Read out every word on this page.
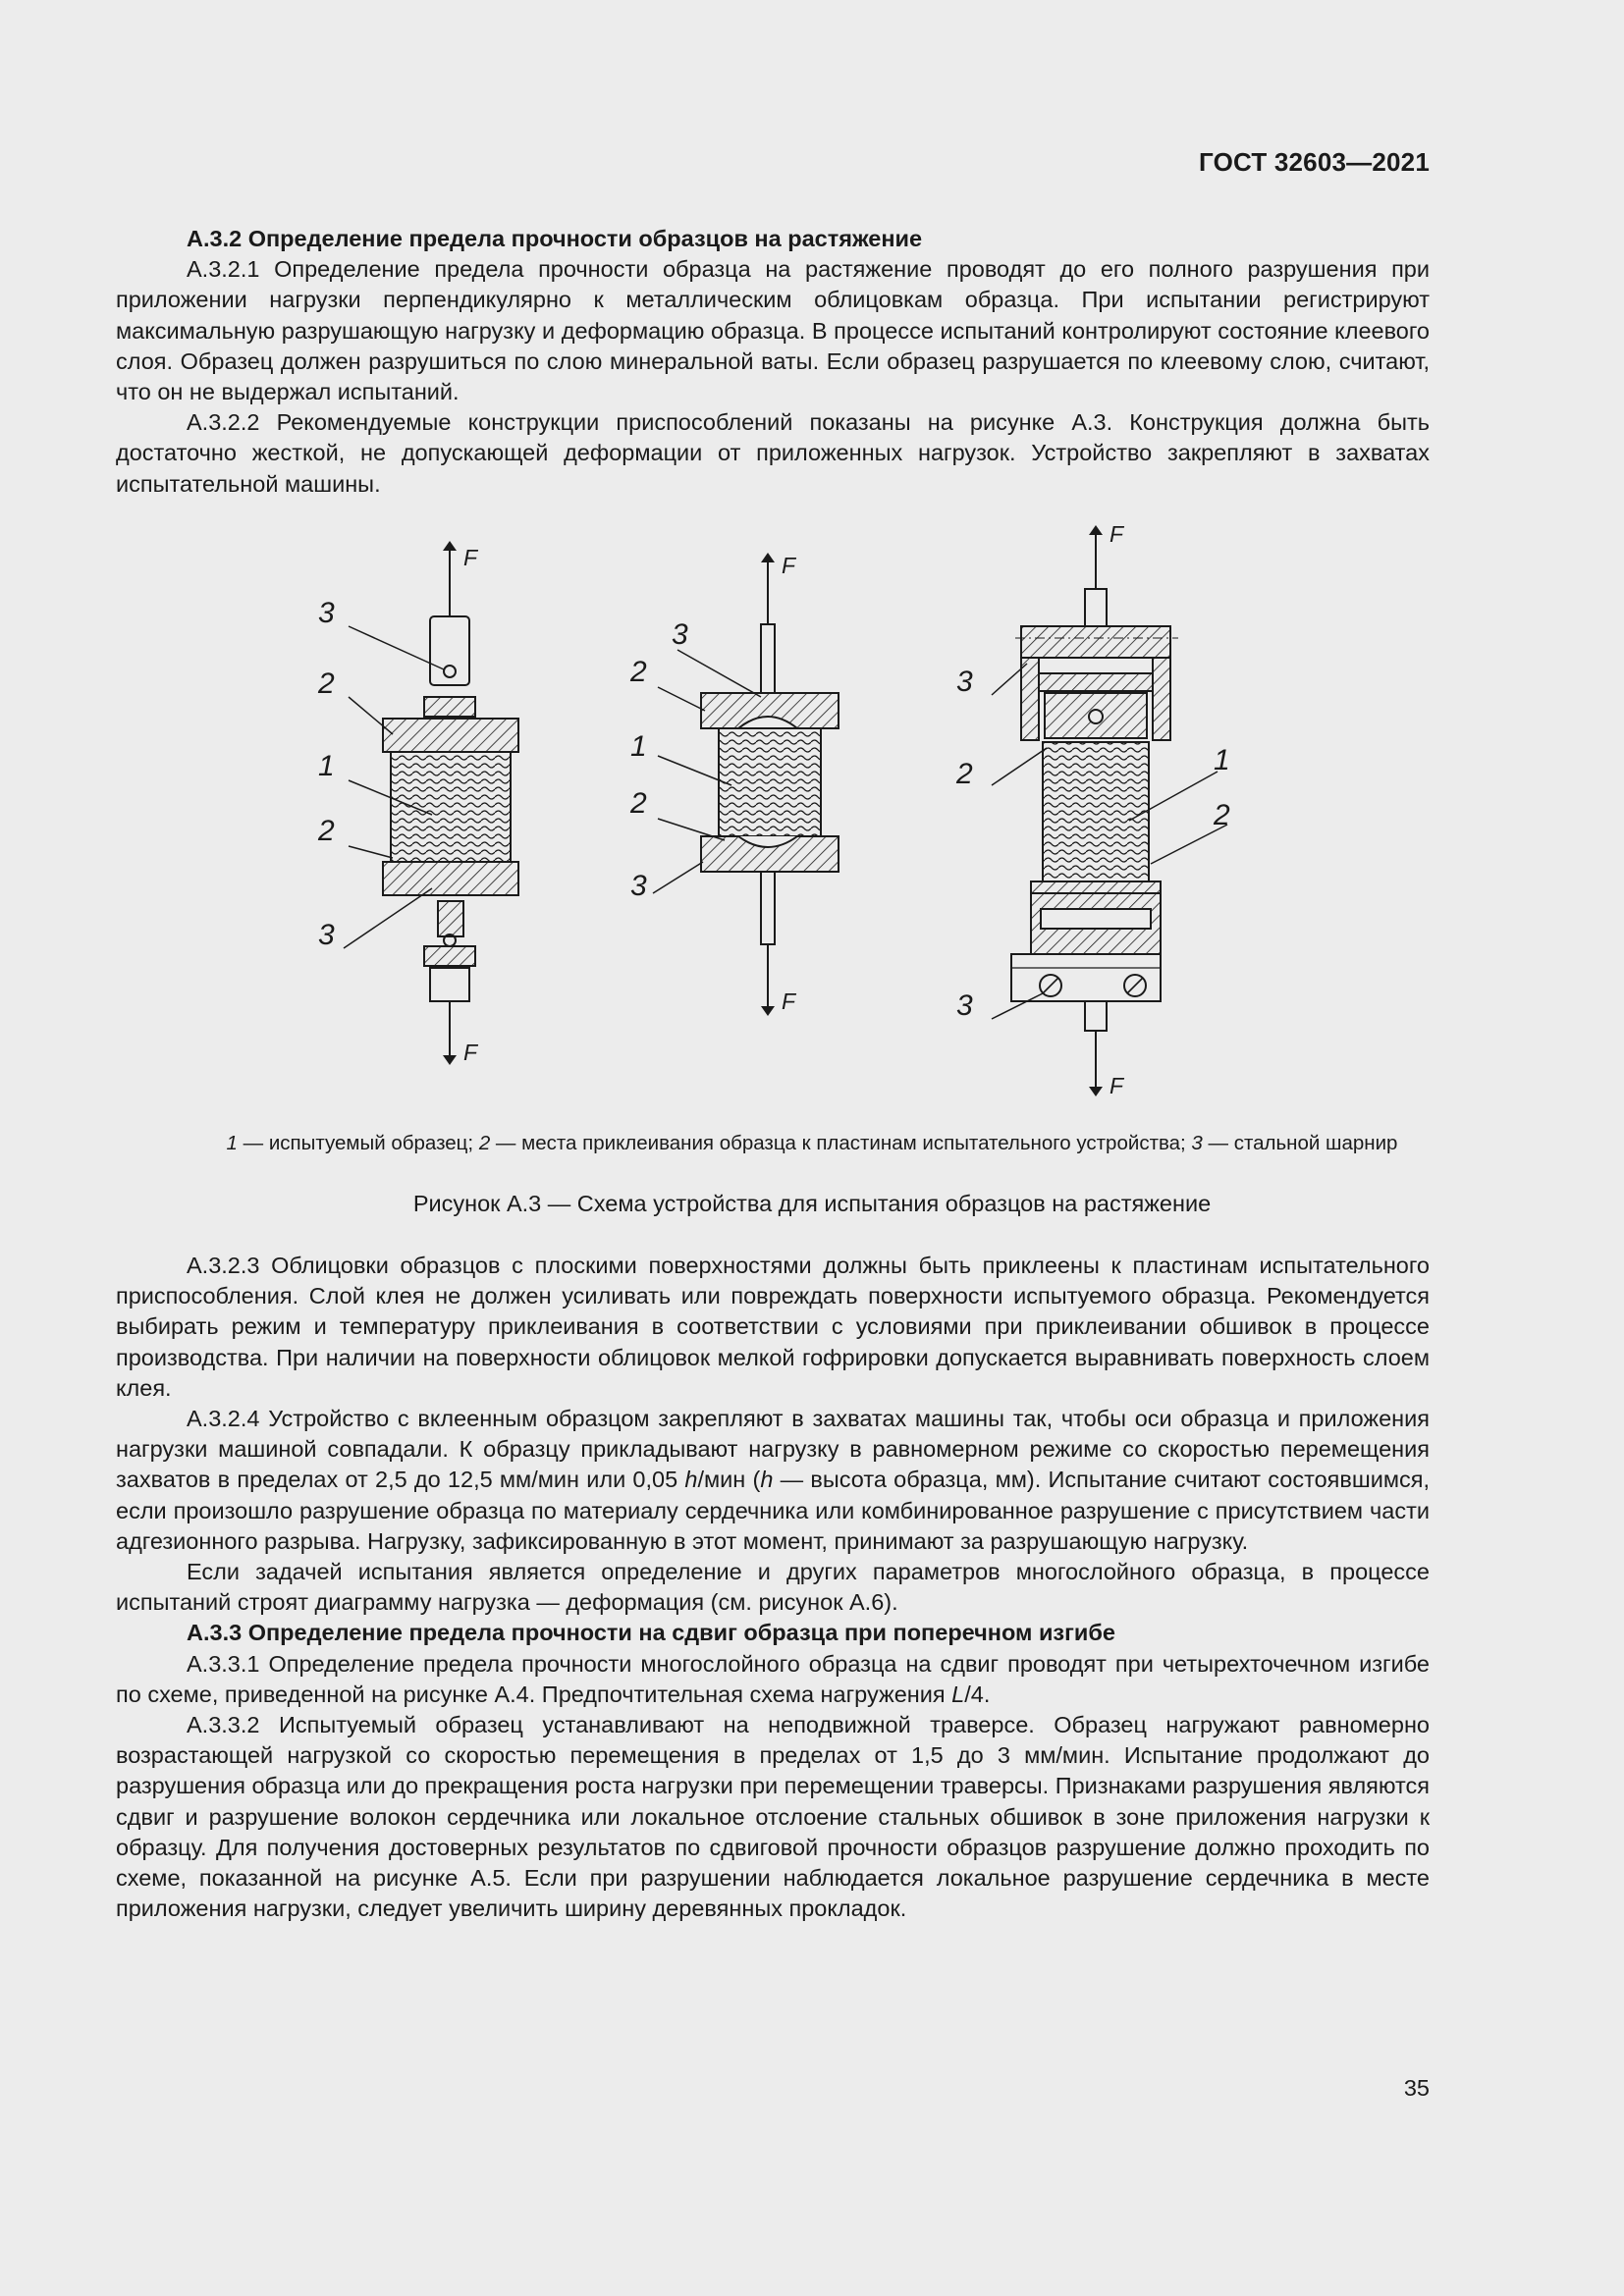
ГОСТ 32603—2021

А.3.2 Определение предела прочности образцов на растяжение

А.3.2.1 Определение предела прочности образца на растяжение проводят до его полного разрушения при приложении нагрузки перпендикулярно к металлическим облицовкам образца. При испытании регистрируют максимальную разрушающую нагрузку и деформацию образца. В процессе испытаний контролируют состояние клеевого слоя. Образец должен разрушиться по слою минеральной ваты. Если образец разрушается по клеевому слою, считают, что он не выдержал испытаний.

А.3.2.2 Рекомендуемые конструкции приспособлений показаны на рисунке А.3. Конструкция должна быть достаточно жесткой, не допускающей деформации от приложенных нагрузок. Устройство закрепляют в захватах испытательной машины.

F
F
3
2
1
2
3
F
F
3
2
1
2
3
F
F
3
2	1
2
3
1 — испытуемый образец; 2 — места приклеивания образца к пластинам испытательного устройства; 3 — стальной шарнир
Рисунок А.3 — Схема устройства для испытания образцов на растяжение

А.3.2.3 Облицовки образцов с плоскими поверхностями должны быть приклеены к пластинам испытательного приспособления. Слой клея не должен усиливать или повреждать поверхности испытуемого образца. Рекомендуется выбирать режим и температуру приклеивания в соответствии с условиями при приклеивании обшивок в процессе производства. При наличии на поверхности облицовок мелкой гофрировки допускается выравнивать поверхность слоем клея.

А.3.2.4 Устройство с вклеенным образцом закрепляют в захватах машины так, чтобы оси образца и приложения нагрузки машиной совпадали. К образцу прикладывают нагрузку в равномерном режиме со скоростью перемещения захватов в пределах от 2,5 до 12,5 мм/мин или 0,05 h/мин (h — высота образца, мм). Испытание считают состоявшимся, если произошло разрушение образца по материалу сердечника или комбинированное разрушение с присутствием части адгезионного разрыва. Нагрузку, зафиксированную в этот момент, принимают за разрушающую нагрузку.

Если задачей испытания является определение и других параметров многослойного образца, в процессе испытаний строят диаграмму нагрузка — деформация (см. рисунок А.6).

А.3.3 Определение предела прочности на сдвиг образца при поперечном изгибе

А.3.3.1 Определение предела прочности многослойного образца на сдвиг проводят при четырехточечном изгибе по схеме, приведенной на рисунке А.4. Предпочтительная схема нагружения L/4.

А.3.3.2 Испытуемый образец устанавливают на неподвижной траверсе. Образец нагружают равномерно возрастающей нагрузкой со скоростью перемещения в пределах от 1,5 до 3 мм/мин. Испытание продолжают до разрушения образца или до прекращения роста нагрузки при перемещении траверсы. Признаками разрушения являются сдвиг и разрушение волокон сердечника или локальное отслоение стальных обшивок в зоне приложения нагрузки к образцу. Для получения достоверных результатов по сдвиговой прочности образцов разрушение должно проходить по схеме, показанной на рисунке А.5. Если при разрушении наблюдается локальное разрушение сердечника в месте приложения нагрузки, следует увеличить ширину деревянных прокладок.

35
